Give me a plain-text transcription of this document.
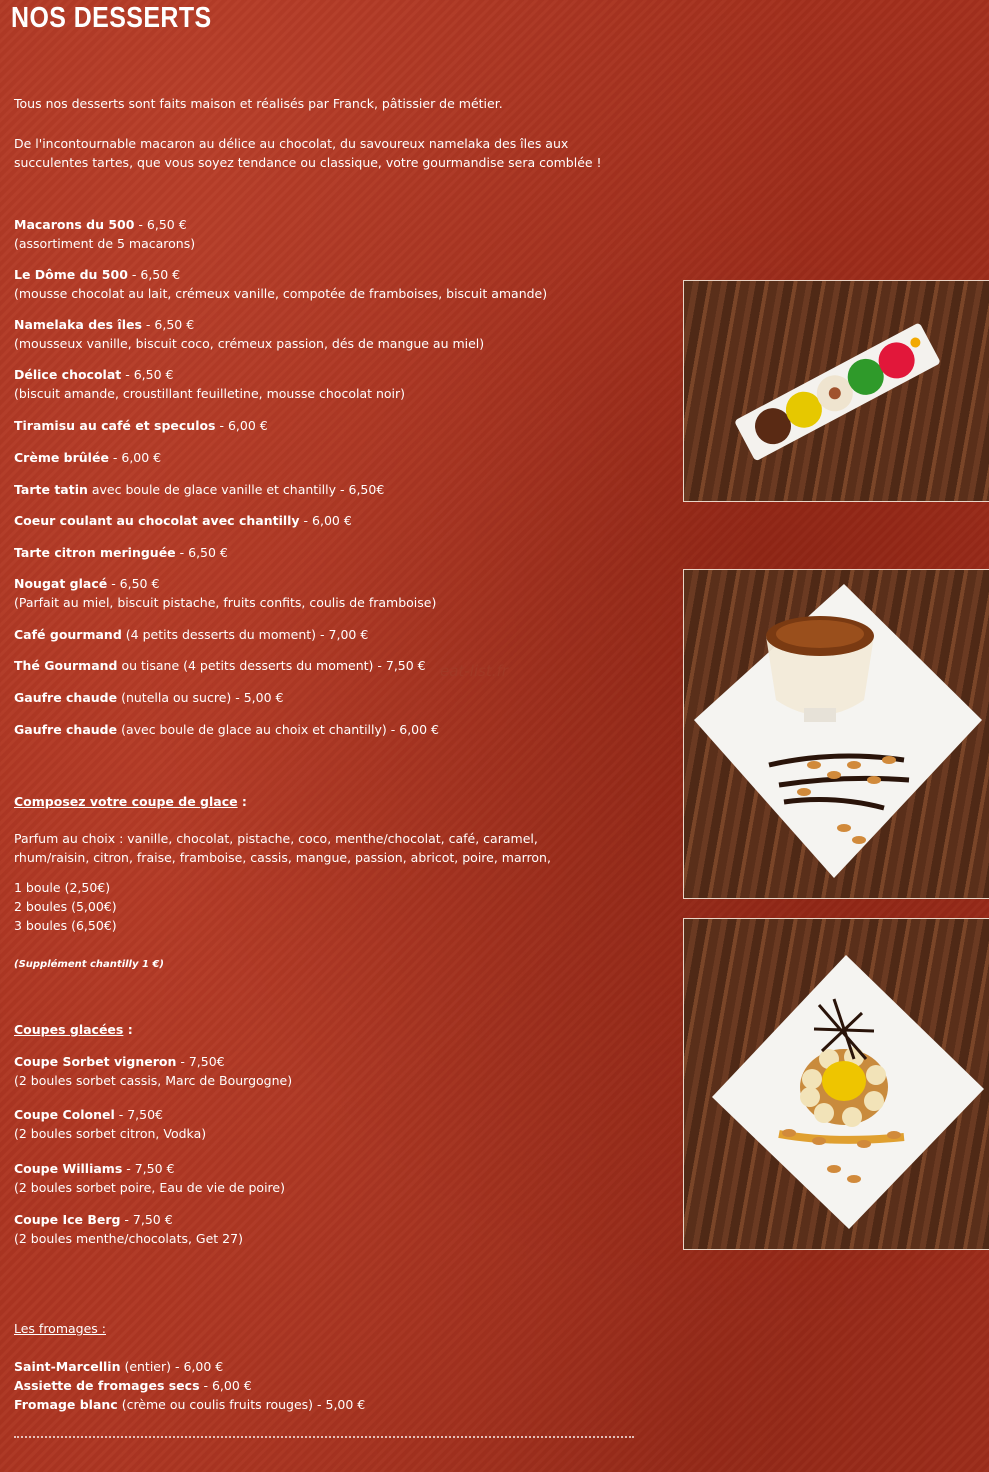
NOS DESSERTS
Tous nos desserts sont faits maison et réalisés par Franck, pâtissier de métier.
De l'incontournable macaron au délice au chocolat, du savoureux namelaka des îles aux
succulentes tartes, que vous soyez tendance ou classique, votre gourmandise sera comblée !
Macarons du 500 - 6,50 €
(assortiment de 5 macarons)
Le Dôme du 500 - 6,50 €
(mousse chocolat au lait, crémeux vanille, compotée de framboises, biscuit amande)
Namelaka des îles - 6,50 €
(mousseux vanille, biscuit coco, crémeux passion, dés de mangue au miel)
Délice chocolat - 6,50 €
(biscuit amande, croustillant feuilletine, mousse chocolat noir)
Tiramisu au café et speculos - 6,00 €
Crème brûlée - 6,00 €
Tarte tatin avec boule de glace vanille et chantilly - 6,50€
Coeur coulant au chocolat avec chantilly - 6,00 €
Tarte citron meringuée - 6,50 €
Nougat glacé - 6,50 €
(Parfait au miel, biscuit pistache, fruits confits, coulis de framboise)
Café gourmand (4 petits desserts du moment) - 7,00 €
Thé Gourmand ou tisane (4 petits desserts du moment) - 7,50 €
Gaufre chaude (nutella ou sucre) - 5,00 €
Gaufre chaude (avec boule de glace au choix et chantilly) - 6,00 €
eat-list.fr
Composez votre coupe de glace :
Parfum au choix : vanille, chocolat, pistache, coco, menthe/chocolat, café, caramel,
rhum/raisin, citron, fraise, framboise, cassis, mangue, passion, abricot, poire, marron,
1 boule (2,50€)
2 boules (5,00€)
3 boules (6,50€)
(Supplément chantilly 1 €)
Coupes glacées :
Coupe Sorbet vigneron - 7,50€
(2 boules sorbet cassis, Marc de Bourgogne)
Coupe Colonel - 7,50€
(2 boules sorbet citron, Vodka)
Coupe Williams - 7,50 €
(2 boules sorbet poire, Eau de vie de poire)
Coupe Ice Berg - 7,50 €
(2 boules menthe/chocolats, Get 27)
Les fromages :
Saint-Marcellin (entier) - 6,00 €
Assiette de fromages secs - 6,00 €
Fromage blanc (crème ou coulis fruits rouges) - 5,00 €
